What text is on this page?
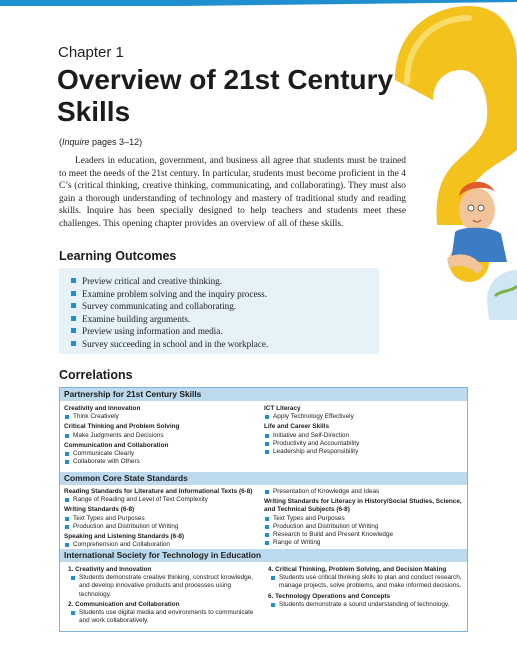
Chapter 1
Overview of 21st Century Skills
(Inquire pages 3–12)

Leaders in education, government, and business all agree that students must be trained to meet the needs of the 21st century. In particular, students must become proficient in the 4 C’s (critical thinking, creative thinking, communicating, and collaborating). They must also gain a thorough understanding of technology and mastery of traditional study and reading skills. Inquire has been specially designed to help teachers and students meet these challenges. This opening chapter provides an overview of all of these skills.

Learning Outcomes
Preview critical and creative thinking.
Examine problem solving and the inquiry process.
Survey communicating and collaborating.
Examine building arguments.
Preview using information and media.
Survey succeeding in school and in the workplace.
Correlations
Partnership for 21st Century Skills
Creativity and Innovation
Think Creatively
Critical Thinking and Problem Solving
Make Judgments and Decisions
Communication and Collaboration
Communicate Clearly
Collaborate with Others
ICT Literacy
Apply Technology Effectively
Life and Career Skills
Initiative and Self-Direction
Productivity and Accountability
Leadership and Responsibility
Common Core State Standards
Reading Standards for Literature and Informational Texts (6-8)
Range of Reading and Level of Text Complexity
Writing Standards (6-8)
Text Types and Purposes
Production and Distribution of Writing
Speaking and Listening Standards (6-8)
Comprehension and Collaboration
Presentation of Knowledge and Ideas
Writing Standards for Literacy in History/Social Studies, Science, and Technical Subjects (6-8)
Text Types and Purposes
Production and Distribution of Writing
Research to Build and Present Knowledge
Range of Writing
International Society for Technology in Education
1. Creativity and Innovation
Students demonstrate creative thinking, construct knowledge, and develop innovative products and processes using technology.
2. Communication and Collaboration
Students use digital media and environments to communicate and work collaboratively.
4. Critical Thinking, Problem Solving, and Decision Making
Students use critical thinking skills to plan and conduct research, manage projects, solve problems, and make informed decisions.
6. Technology Operations and Concepts
Students demonstrate a sound understanding of technology.
